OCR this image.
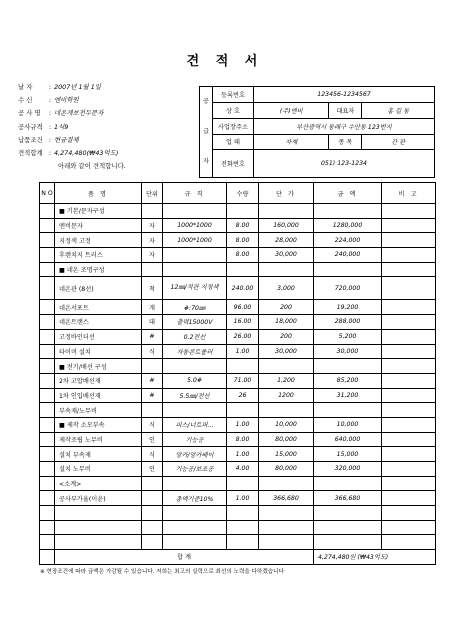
견 적 서
날 자	: 2007년 1월 1일
수 신	: 엔비학원
공 사 명	: 네온개보전두문자
공사규격 : 1식9
납품조건 : 현금결제
견적합계 : 4,274,480(₩43억도)
아래와 같이 견적합니다.
공
급
자	등록번호	123456-1234567		
	상 호	(주)엔비	대표자	홍 길 동
	사업장주소	부산광역시 동래구 수안동 123번지		
	업 태	자재	종 목	간 판
	전화번호	051) 123-1234		
N O	품 명	단위	규 격	수량	단 가	금 액	비 고
	■ 기본/문자구성						
	엔비문자	자	1000*1000	8.00	160,000	1280,000	
	지정색 고정	자	1000*1000	8.00	28,000	224,000	
	후렌치지 트러스	자		8.00	30,000	240,000	
	■ 네온 조명구성						
	네온관 (8선)	척	12㎜/적관 지정색	240.00	3,000	720,000	
	네온서포트	개	#:70㎜	96.00	200	19,200	
	네온트랜스	대	출력15000V	16.00	18,000	288,000	
	고정바인더선	#	0.2전선	26.00	200	5,200	
	타이머 설치	식	자동콘트롤러	1.00	30,000	30,000	
	■ 전기/배선 구성						
	2차 고압배선재	#	5.0#	71.00	1,200	85,200	
	1차 인입배선재	#	5.5㎜/전선	26	1200	31,200	
	부속재/노무비						
	■ 제작 소모부속	식	피스/너트퍼...	1.00	10,000	10,000	
	제작조립 노무비	인	기능공	8.00	80,000	640,000	
	설치 부속재	식	앙카/앙카베이	1.00	15,000	15,000	
	설치 노무비	인	기능공/보조공	4.00	80,000	320,000	
	<소계>						
	공사부가율(이윤)		총액기준10%	1.00	366,680	366,680	

	합 계					4,274,480원 (₩43억도)	
※ 현장조건에 따라 금액은 가감될 수 있습니다. 저희는 최고의 실력으로 최선의 노력을 다하겠습니다
